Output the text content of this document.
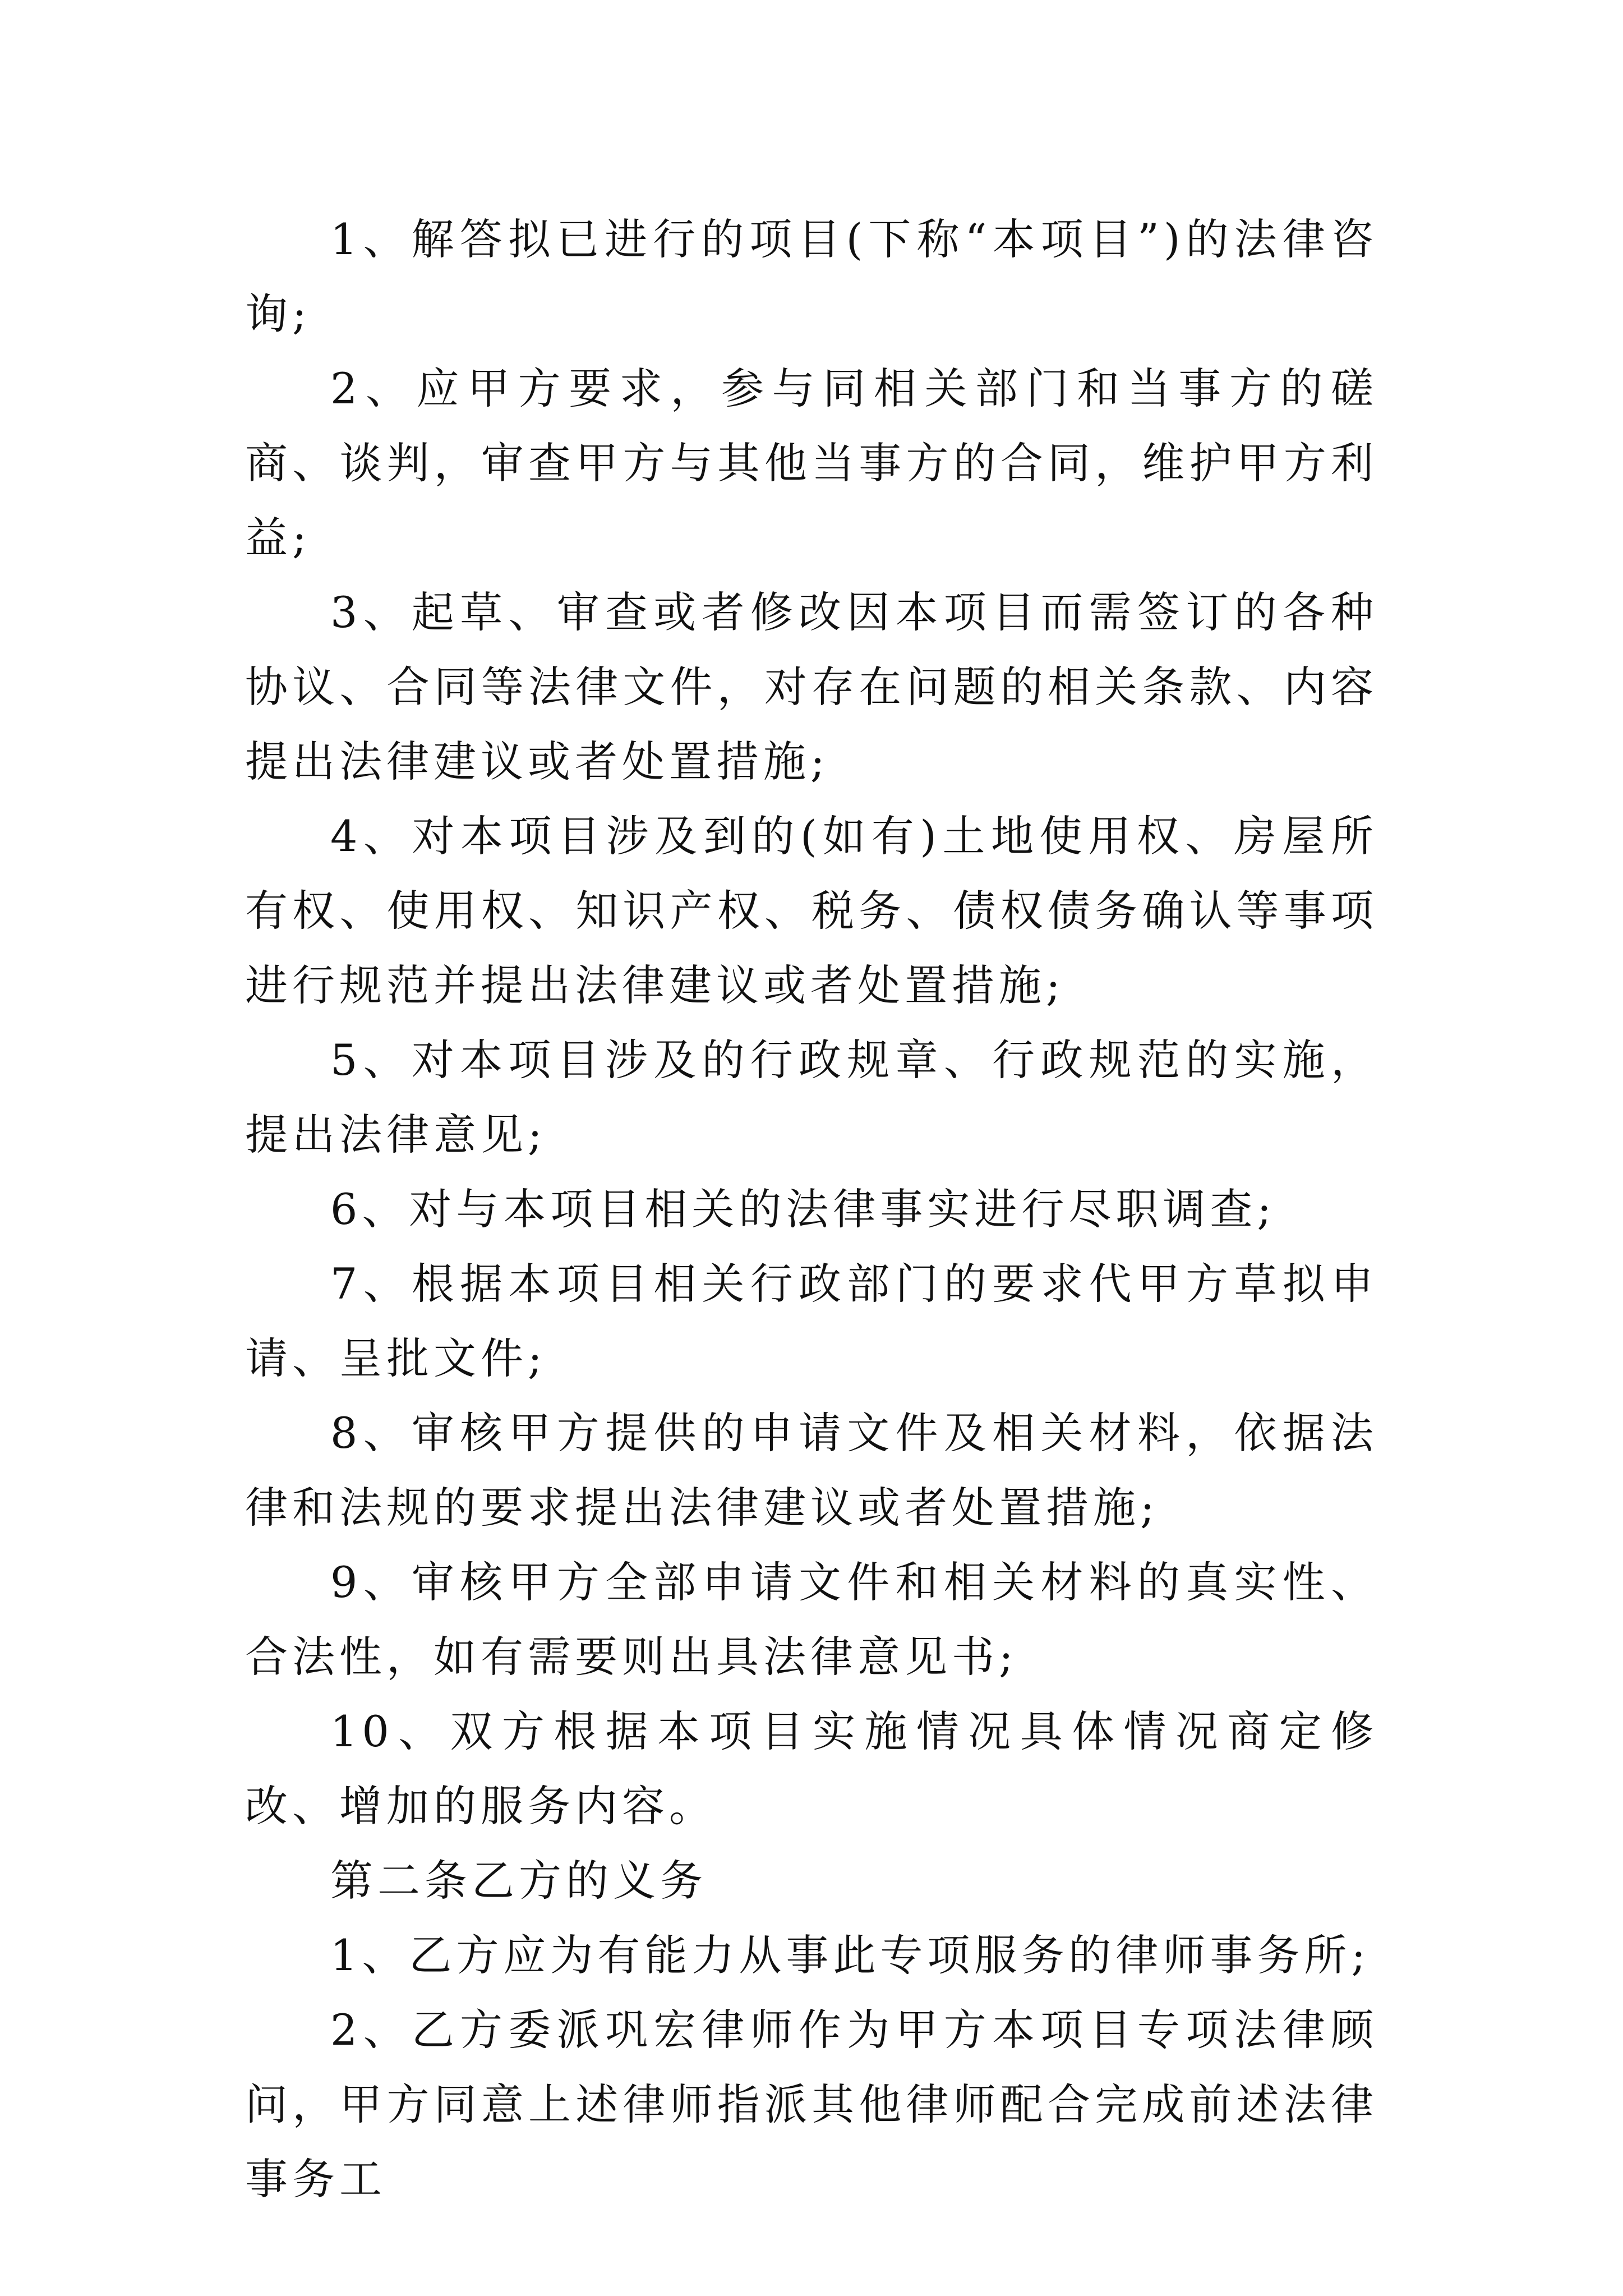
1、解答拟已进行的项目(下称“本项目”)的法律咨询;

2、应甲方要求，参与同相关部门和当事方的磋商、谈判，审查甲方与其他当事方的合同，维护甲方利益;

3、起草、审查或者修改因本项目而需签订的各种协议、合同等法律文件，对存在问题的相关条款、内容提出法律建议或者处置措施;

4、对本项目涉及到的(如有)土地使用权、房屋所有权、使用权、知识产权、税务、债权债务确认等事项进行规范并提出法律建议或者处置措施;

5、对本项目涉及的行政规章、行政规范的实施，提出法律意见;

6、对与本项目相关的法律事实进行尽职调查;

7、根据本项目相关行政部门的要求代甲方草拟申请、呈批文件;

8、审核甲方提供的申请文件及相关材料，依据法律和法规的要求提出法律建议或者处置措施;

9、审核甲方全部申请文件和相关材料的真实性、合法性，如有需要则出具法律意见书;

10、双方根据本项目实施情况具体情况商定修改、增加的服务内容。

第二条乙方的义务

1、乙方应为有能力从事此专项服务的律师事务所;

2、乙方委派巩宏律师作为甲方本项目专项法律顾问，甲方同意上述律师指派其他律师配合完成前述法律事务工
